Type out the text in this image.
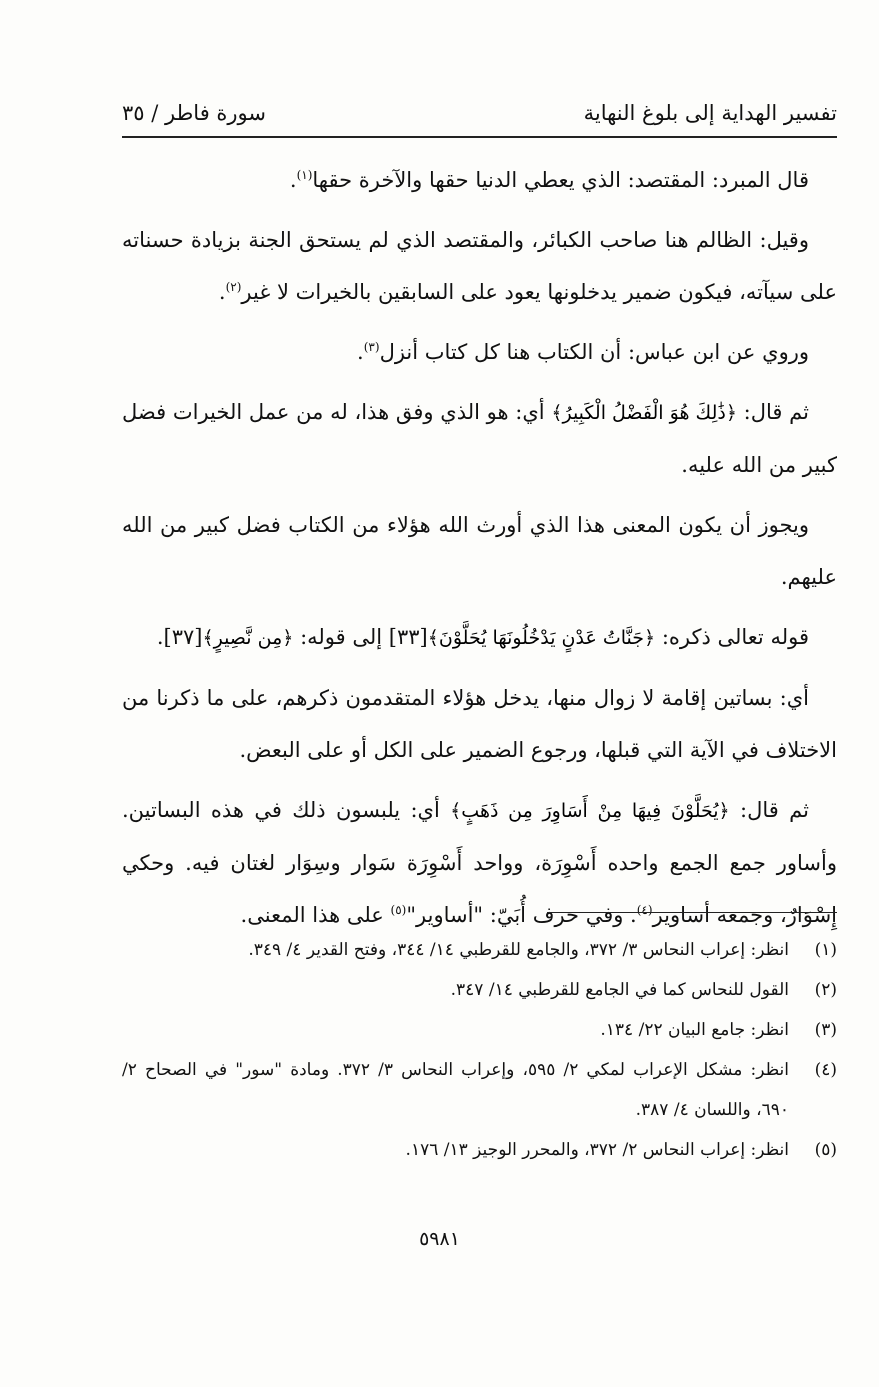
تفسير الهداية إلى بلوغ النهاية
سورة فاطر / ٣٥

قال المبرد: المقتصد: الذي يعطي الدنيا حقها والآخرة حقها$^{(١)}$.

وقيل: الظالم هنا صاحب الكبائر، والمقتصد الذي لم يستحق الجنة بزيادة حسناته على سيآته، فيكون ضمير يدخلونها يعود على السابقين بالخيرات لا غير$^{(٢)}$.

وروي عن ابن عباس: أن الكتاب هنا كل كتاب أنزل$^{(٣)}$.

ثم قال: ﴿ذَٰلِكَ هُوَ الْفَضْلُ الْكَبِيرُ﴾ أي: هو الذي وفق هذا، له من عمل الخيرات فضل كبير من الله عليه.

ويجوز أن يكون المعنى هذا الذي أورث الله هؤلاء من الكتاب فضل كبير من الله عليهم.

قوله تعالى ذكره: ﴿جَنَّاتُ عَدْنٍ يَدْخُلُونَهَا يُحَلَّوْنَ﴾[٣٣] إلى قوله: ﴿مِن نَّصِيرٍ﴾[٣٧].

أي: بساتين إقامة لا زوال منها، يدخل هؤلاء المتقدمون ذكرهم، على ما ذكرنا من الاختلاف في الآية التي قبلها، ورجوع الضمير على الكل أو على البعض.

ثم قال: ﴿يُحَلَّوْنَ فِيهَا مِنْ أَسَاوِرَ مِن ذَهَبٍ﴾ أي: يلبسون ذلك في هذه البساتين. وأساور جمع الجمع واحده أَسْوِرَة، وواحد أَسْوِرَة سَوار وسِوَار لغتان فيه. وحكي إِسْوَارٌ، وجمعه أساوير$^{(٤)}$. وفي حرف أُبَيّ: "أساوير"$^{(٥)}$ على هذا المعنى.

(١)
انظر: إعراب النحاس ٣/ ٣٧٢، والجامع للقرطبي ١٤/ ٣٤٤، وفتح القدير ٤/ ٣٤٩.
(٢)
القول للنحاس كما في الجامع للقرطبي ١٤/ ٣٤٧.
(٣)
انظر: جامع البيان ٢٢/ ١٣٤.
(٤)
انظر: مشكل الإعراب لمكي ٢/ ٥٩٥، وإعراب النحاس ٣/ ٣٧٢. ومادة "سور" في الصحاح ٢/ ٦٩٠، واللسان ٤/ ٣٨٧.
(٥)
انظر: إعراب النحاس ٢/ ٣٧٢، والمحرر الوجيز ١٣/ ١٧٦.
٥٩٨١
